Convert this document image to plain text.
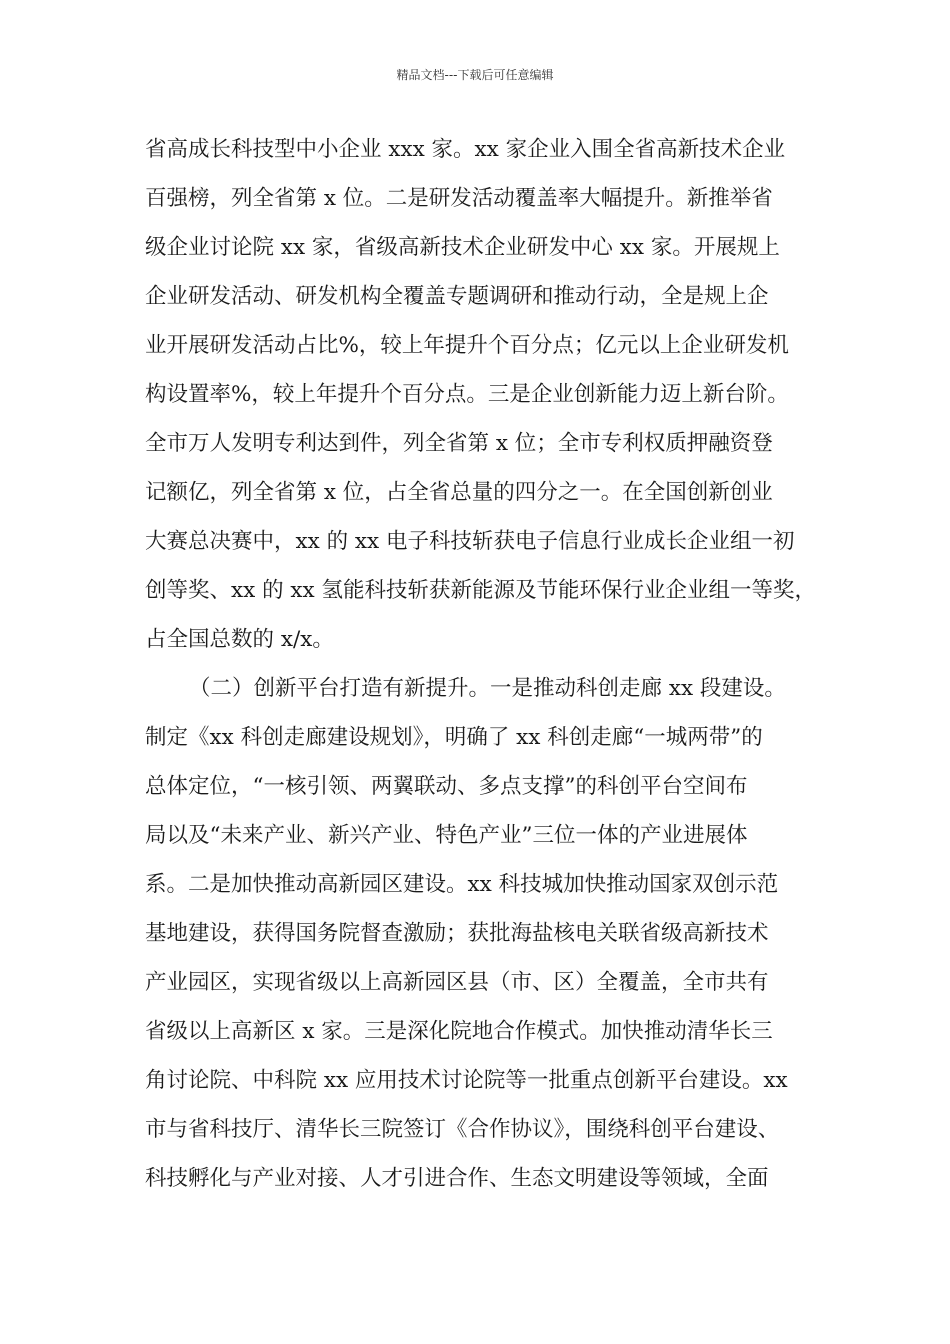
精品文档---下载后可任意编辑
省高成长科技型中小企业 xxx 家。xx 家企业入围全省高新技术企业
百强榜，列全省第 x 位。二是研发活动覆盖率大幅提升。新推举省
级企业讨论院 xx 家，省级高新技术企业研发中心 xx 家。开展规上
企业研发活动、研发机构全覆盖专题调研和推动行动，全是规上企
业开展研发活动占比%，较上年提升个百分点；亿元以上企业研发机
构设置率%，较上年提升个百分点。三是企业创新能力迈上新台阶。
全市万人发明专利达到件，列全省第 x 位；全市专利权质押融资登
记额亿，列全省第 x 位，占全省总量的四分之一。在全国创新创业
大赛总决赛中，xx 的 xx 电子科技斩获电子信息行业成长企业组一初
创等奖、xx 的 xx 氢能科技斩获新能源及节能环保行业企业组一等奖，
占全国总数的 x/x。
（二）创新平台打造有新提升。一是推动科创走廊 xx 段建设。
制定《xx 科创走廊建设规划》，明确了 xx 科创走廊“一城两带”的
总体定位，“一核引领、两翼联动、多点支撑”的科创平台空间布
局以及“未来产业、新兴产业、特色产业”三位一体的产业进展体
系。二是加快推动高新园区建设。xx 科技城加快推动国家双创示范
基地建设，获得国务院督查激励；获批海盐核电关联省级高新技术
产业园区，实现省级以上高新园区县（市、区）全覆盖，全市共有
省级以上高新区 x 家。三是深化院地合作模式。加快推动清华长三
角讨论院、中科院 xx 应用技术讨论院等一批重点创新平台建设。xx
市与省科技厅、清华长三院签订《合作协议》，围绕科创平台建设、
科技孵化与产业对接、人才引进合作、生态文明建设等领域，全面
